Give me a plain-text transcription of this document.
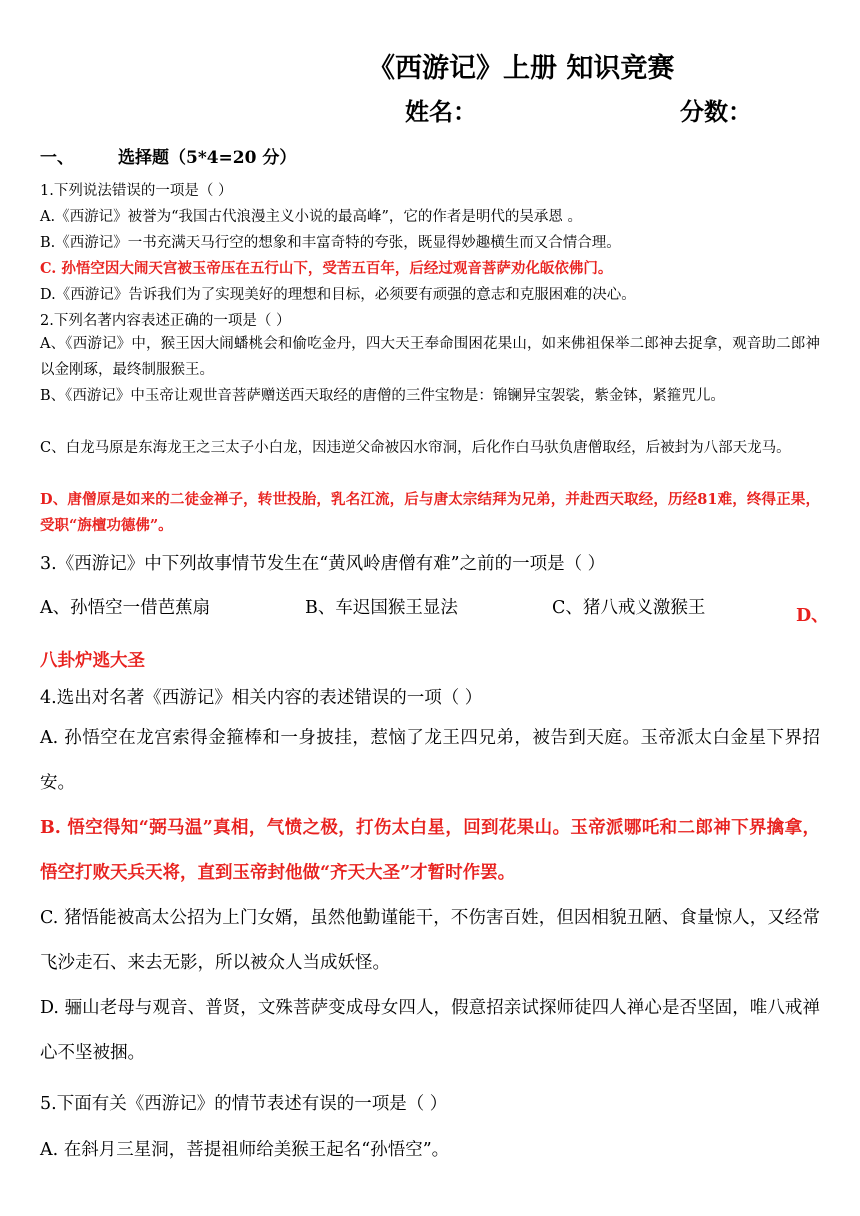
《西游记》上册 知识竞赛
姓名：	分数：
一、	选择题（5*4=20 分）
1.下列说法错误的一项是（ ）
A.《西游记》被誉为“我国古代浪漫主义小说的最高峰”，它的作者是明代的吴承恩 。
B.《西游记》一书充满天马行空的想象和丰富奇特的夸张，既显得妙趣横生而又合情合理。
C. 孙悟空因大闹天宫被玉帝压在五行山下，受苦五百年，后经过观音菩萨劝化皈依佛门。
D.《西游记》告诉我们为了实现美好的理想和目标，必须要有顽强的意志和克服困难的决心。
2.下列名著内容表述正确的一项是（ ）
A、《西游记》中，猴王因大闹蟠桃会和偷吃金丹，四大天王奉命围困花果山，如来佛祖保举二郎神去捉拿，观音助二郎神以金刚琢，最终制服猴王。
B、《西游记》中玉帝让观世音菩萨赠送西天取经的唐僧的三件宝物是：锦镧异宝袈裟，紫金钵，紧箍咒儿。
C、白龙马原是东海龙王之三太子小白龙，因违逆父命被囚水帘洞，后化作白马驮负唐僧取经，后被封为八部天龙马。
D、唐僧原是如来的二徒金禅子，转世投胎，乳名江流，后与唐太宗结拜为兄弟，并赴西天取经，历经81难，终得正果，受职“旃檀功德佛”。
3.《西游记》中下列故事情节发生在“黄风岭唐僧有难”之前的一项是（ ）
A、孙悟空一借芭蕉扇	B、车迟国猴王显法	C、猪八戒义激猴王	D、八卦炉逃大圣
4.选出对名著《西游记》相关内容的表述错误的一项（ ）
A. 孙悟空在龙宫索得金箍棒和一身披挂，惹恼了龙王四兄弟，被告到天庭。玉帝派太白金星下界招安。
B. 悟空得知“弼马温”真相，气愤之极，打伤太白星，回到花果山。玉帝派哪吒和二郎神下界擒拿，悟空打败天兵天将，直到玉帝封他做“齐天大圣”才暂时作罢。
C. 猪悟能被高太公招为上门女婿，虽然他勤谨能干，不伤害百姓，但因相貌丑陋、食量惊人，又经常飞沙走石、来去无影，所以被众人当成妖怪。
D. 骊山老母与观音、普贤，文殊菩萨变成母女四人，假意招亲试探师徒四人禅心是否坚固，唯八戒禅心不坚被捆。
5.下面有关《西游记》的情节表述有误的一项是（ ）
A. 在斜月三星洞，菩提祖师给美猴王起名“孙悟空”。
